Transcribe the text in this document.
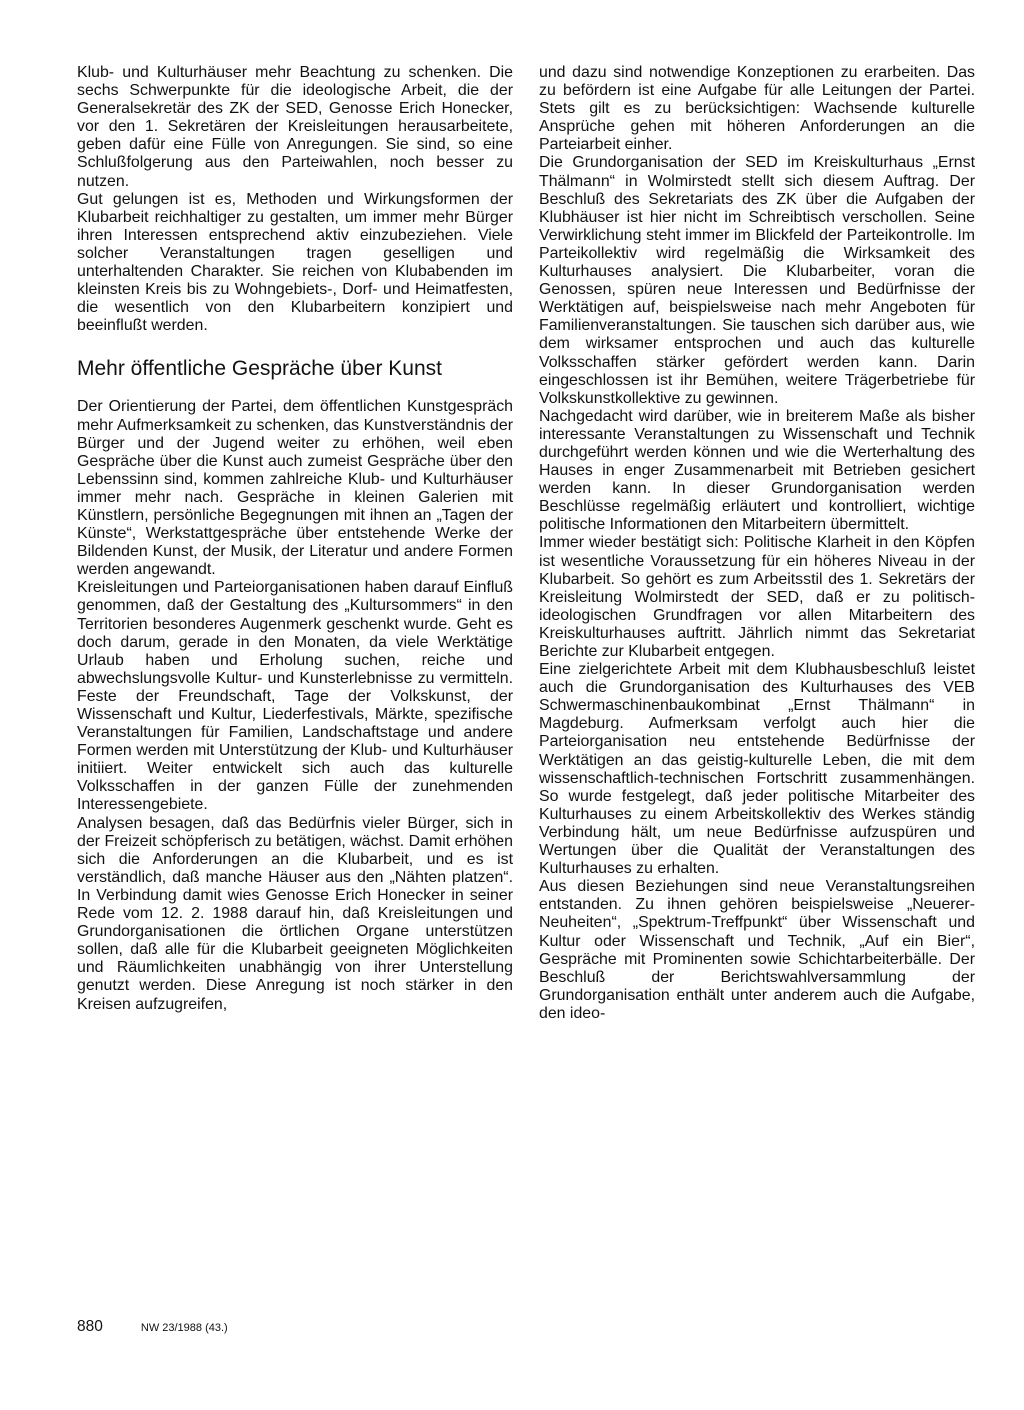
Klub- und Kulturhäuser mehr Beachtung zu schenken. Die sechs Schwerpunkte für die ideologische Arbeit, die der Generalsekretär des ZK der SED, Genosse Erich Honecker, vor den 1. Sekretären der Kreisleitungen herausarbeitete, geben dafür eine Fülle von Anregungen. Sie sind, so eine Schlußfolgerung aus den Parteiwahlen, noch besser zu nutzen.

Gut gelungen ist es, Methoden und Wirkungsformen der Klubarbeit reichhaltiger zu gestalten, um immer mehr Bürger ihren Interessen entsprechend aktiv einzubeziehen. Viele solcher Veranstaltungen tragen geselligen und unterhaltenden Charakter. Sie reichen von Klubabenden im kleinsten Kreis bis zu Wohngebiets-, Dorf- und Heimatfesten, die wesentlich von den Klubarbeitern konzipiert und beeinflußt werden.

Mehr öffentliche Gespräche über Kunst

Der Orientierung der Partei, dem öffentlichen Kunstgespräch mehr Aufmerksamkeit zu schenken, das Kunstverständnis der Bürger und der Jugend weiter zu erhöhen, weil eben Gespräche über die Kunst auch zumeist Gespräche über den Lebenssinn sind, kommen zahlreiche Klub- und Kulturhäuser immer mehr nach. Gespräche in kleinen Galerien mit Künstlern, persönliche Begegnungen mit ihnen an „Tagen der Künste“, Werkstattgespräche über entstehende Werke der Bildenden Kunst, der Musik, der Literatur und andere Formen werden angewandt.

Kreisleitungen und Parteiorganisationen haben darauf Einfluß genommen, daß der Gestaltung des „Kultursommers“ in den Territorien besonderes Augenmerk geschenkt wurde. Geht es doch darum, gerade in den Monaten, da viele Werktätige Urlaub haben und Erholung suchen, reiche und abwechslungsvolle Kultur- und Kunsterlebnisse zu vermitteln. Feste der Freundschaft, Tage der Volkskunst, der Wissenschaft und Kultur, Liederfestivals, Märkte, spezifische Veranstaltungen für Familien, Landschaftstage und andere Formen werden mit Unterstützung der Klub- und Kulturhäuser initiiert. Weiter entwickelt sich auch das kulturelle Volksschaffen in der ganzen Fülle der zunehmenden Interessengebiete.

Analysen besagen, daß das Bedürfnis vieler Bürger, sich in der Freizeit schöpferisch zu betätigen, wächst. Damit erhöhen sich die Anforderungen an die Klubarbeit, und es ist verständlich, daß manche Häuser aus den „Nähten platzen“. In Verbindung damit wies Genosse Erich Honecker in seiner Rede vom 12. 2. 1988 darauf hin, daß Kreisleitungen und Grundorganisationen die örtlichen Organe unterstützen sollen, daß alle für die Klubarbeit geeigneten Möglichkeiten und Räumlichkeiten unabhängig von ihrer Unterstellung genutzt werden. Diese Anregung ist noch stärker in den Kreisen aufzugreifen,

und dazu sind notwendige Konzeptionen zu erarbeiten. Das zu befördern ist eine Aufgabe für alle Leitungen der Partei. Stets gilt es zu berücksichtigen: Wachsende kulturelle Ansprüche gehen mit höheren Anforderungen an die Parteiarbeit einher.

Die Grundorganisation der SED im Kreiskulturhaus „Ernst Thälmann“ in Wolmirstedt stellt sich diesem Auftrag. Der Beschluß des Sekretariats des ZK über die Aufgaben der Klubhäuser ist hier nicht im Schreibtisch verschollen. Seine Verwirklichung steht immer im Blickfeld der Parteikontrolle. Im Parteikollektiv wird regelmäßig die Wirksamkeit des Kulturhauses analysiert. Die Klubarbeiter, voran die Genossen, spüren neue Interessen und Bedürfnisse der Werktätigen auf, beispielsweise nach mehr Angeboten für Familienveranstaltungen. Sie tauschen sich darüber aus, wie dem wirksamer entsprochen und auch das kulturelle Volksschaffen stärker gefördert werden kann. Darin eingeschlossen ist ihr Bemühen, weitere Trägerbetriebe für Volkskunstkollektive zu gewinnen.

Nachgedacht wird darüber, wie in breiterem Maße als bisher interessante Veranstaltungen zu Wissenschaft und Technik durchgeführt werden können und wie die Werterhaltung des Hauses in enger Zusammenarbeit mit Betrieben gesichert werden kann. In dieser Grundorganisation werden Beschlüsse regelmäßig erläutert und kontrolliert, wichtige politische Informationen den Mitarbeitern übermittelt.

Immer wieder bestätigt sich: Politische Klarheit in den Köpfen ist wesentliche Voraussetzung für ein höheres Niveau in der Klubarbeit. So gehört es zum Arbeitsstil des 1. Sekretärs der Kreisleitung Wolmirstedt der SED, daß er zu politisch-ideologischen Grundfragen vor allen Mitarbeitern des Kreiskulturhauses auftritt. Jährlich nimmt das Sekretariat Berichte zur Klubarbeit entgegen.

Eine zielgerichtete Arbeit mit dem Klubhausbeschluß leistet auch die Grundorganisation des Kulturhauses des VEB Schwermaschinenbaukombinat „Ernst Thälmann“ in Magdeburg. Aufmerksam verfolgt auch hier die Parteiorganisation neu entstehende Bedürfnisse der Werktätigen an das geistig-kulturelle Leben, die mit dem wissenschaftlich-technischen Fortschritt zusammenhängen. So wurde festgelegt, daß jeder politische Mitarbeiter des Kulturhauses zu einem Arbeitskollektiv des Werkes ständig Verbindung hält, um neue Bedürfnisse aufzuspüren und Wertungen über die Qualität der Veranstaltungen des Kulturhauses zu erhalten.

Aus diesen Beziehungen sind neue Veranstaltungsreihen entstanden. Zu ihnen gehören beispielsweise „Neuerer-Neuheiten“, „Spektrum-Treffpunkt“ über Wissenschaft und Kultur oder Wissenschaft und Technik, „Auf ein Bier“, Gespräche mit Prominenten sowie Schichtarbeiterbälle. Der Beschluß der Berichtswahlversammlung der Grundorganisation enthält unter anderem auch die Aufgabe, den ideo-

880	NW 23/1988 (43.)
